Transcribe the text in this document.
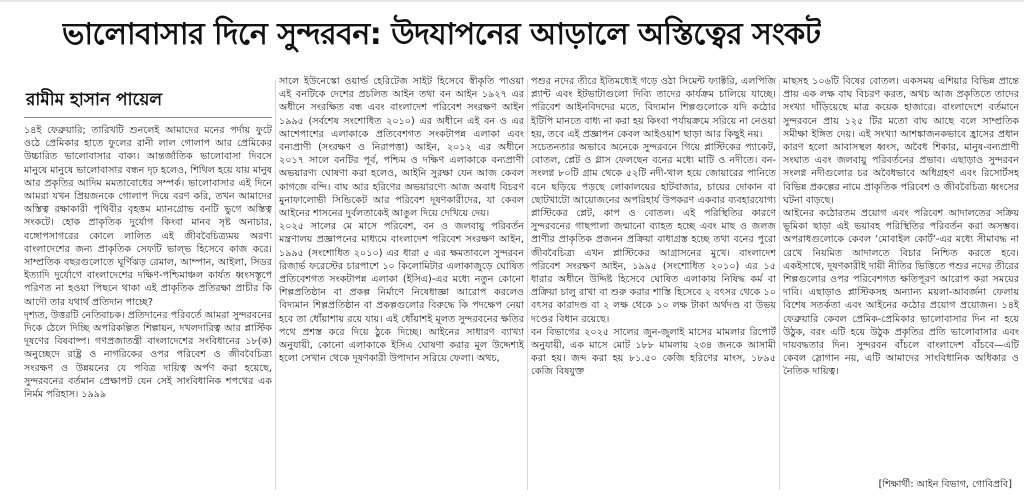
ভালোবাসার দিনে সুন্দরবন: উদযাপনের আড়ালে অস্তিত্বের সংকট
রামীম হাসান পায়েল

১৪ই ফেব্রুয়ারি; তারিখটি শুনলেই আমাদের মনের পর্দায় ফুটে ওঠে প্রেমিকার হাতে ফুলের রানী লাল গোলাপ আর প্রেমিকের উচ্চারিত ভালোবাসার বাক্য। আন্তর্জাতিক ভালোবাসা দিবসে মানুষে মানুষে ভালোবাসার বন্ধন দৃঢ় হলেও, শিথিল হয়ে যায় মানুষ আর প্রকৃতির আদিম মমতাবোধের সম্পর্ক। ভালোবাসার এই দিনে আমরা যখন প্রিয়জনকে গোলাপ দিয়ে বরণ করি, তখন আমাদের অস্তিত্ব রক্ষাকারী পৃথিবীর বৃহত্তম ম্যানগ্রোভ বনটি ভুগে অস্তিত্ব সংকটে। হোক প্রাকৃতিক দুর্যোগ কিংবা মানব সৃষ্ট অনাচার, বঙ্গোপসাগরের কোলে লালিত এই জীববৈচিত্র্যময় অরণ্য বাংলাদেশের জন্য প্রাকৃতিক সেফটি ভাল্ভ হিসেবে কাজ করে। সাম্প্রতিক বছরগুলোতে ঘূর্ণিঝড় রেমাল, আম্পান, আইলা, সিডর ইত্যাদি দুর্যোগে বাংলাদেশের দক্ষিণ-পশ্চিমাঞ্চল কার্যত ধ্বংসস্তূপে পরিণত না হওয়া পিছনে থাকা এই প্রাকৃতিক প্রতিরক্ষা প্রাচীর কি আদৌ তার যথার্থ প্রতিদান পাচ্ছে?

দৃশ্যত, উত্তরটি নেতিবাচক। প্রতিদানের পরিবর্তে আমরা সুন্দরবনের দিকে ঠেলে দিচ্ছি অপরিকল্পিত শিল্পায়ন, দখলদারিত্ব আর প্লাস্টিক দূষণের বিষবাষ্প। গণপ্রজাতন্ত্রী বাংলাদেশের সংবিধানের ১৮(ক) অনুচ্ছেদে রাষ্ট্র ও নাগরিকের ওপর পরিবেশ ও জীববৈচিত্র্য সংরক্ষণ ও উন্নয়নের যে পবিত্র দায়িত্ব অর্পণ করা হয়েছে, সুন্দরবনের বর্তমান প্রেক্ষাপট যেন সেই সাংবিধানিক শপথের এক নির্মম পরিহাস। ১৯৯৯

সালে ইউনেস্কো ওয়ার্ল্ড হেরিটেজ সাইট হিসেবে স্বীকৃতি পাওয়া এই বনটিকে দেশের প্রচলিত আইন তথা বন আইন ১৯২৭ এর অধীনে সংরক্ষিত বন্ধ এবং বাংলাদেশ পরিবেশ সংরক্ষণ আইন ১৯৯৫ (সর্বশেষ সংশোধিত ২০১০) এর অধীনে এই বন ও এর আশেপাশের এলাকাকে প্রতিবেশগত সংকটাপন্ন এলাকা এবং বন্যপ্রাণী (সংরক্ষণ ও নিরাপত্তা) আইন, ২০১২ এর অধীনে ২০১৭ সালে বনটির পূর্ব, পশ্চিম ও দক্ষিণ এলাকাকে বন্যপ্রাণী অভয়ারণ্য ঘোষণা করা হলেও, আইনি সুরক্ষা যেন আজ কেবল কাগজে বন্দি। বাঘ আর হরিণের অভয়ারণ্যে আজ অবাধ বিচরণ মুনাফালোভী সিন্ডিকেট আর পরিবেশ দূষণকারীদের, যা কেবল আইনের শাসনের দুর্বলতাকেই আঙুল দিয়ে দেখিয়ে দেয়।

২০২৫ সালের মে মাসে পরিবেশ, বন ও জলবায়ু পরিবর্তন মন্ত্রণালয় প্রজ্ঞাপনের মাধ্যমে বাংলাদেশ পরিবেশ সংরক্ষণ আইন, ১৯৯৫ (সংশোধিত ২০১০) এর ধারা ৫ এর ক্ষমতাবলে সুন্দরবন রিজার্ভ ফরেস্টের চারপাশে ১০ কিলোমিটার এলাকাজুড়ে ঘোষিত প্রতিবেশগত সংকটাপন্ন এলাকা (ইসিএ)-এর মধ্যে নতুন কোনো শিল্পপ্রতিষ্ঠান বা প্রকল্প নির্মাণে নিষেধাজ্ঞা আরোপ করলেও বিদ্যমান শিল্পপ্রতিষ্ঠান বা প্রকল্পগুলোর বিরুদ্ধে কি পদক্ষেপ নেয়া হবে তা ধোঁয়াশায় রয়ে যায়। এই ধোঁয়াশই মূলত সুন্দরবনের ক্ষতির পথে প্রশস্ত করে দিয়ে ঠুকে দিচ্ছে। আইনের সাধারণ ব্যাখ্যা অনুযায়ী, কোনো এলাকাকে ইসিএ ঘোষণা করার মূল উদ্দেশ্যই হলো সেখান থেকে দূষণকারী উপাদান সরিয়ে ফেলা। অথচ,

পশুর নদের তীরে ইতিমধ্যেই গড়ে ওঠা সিমেন্ট ফ্যাক্টরি, এলপিজি প্ল্যান্ট এবং ইটভাটাগুলো দিব্যি তাদের কার্যক্রম চালিয়ে যাচ্ছে। পরিবেশ আইনবিদদের মতে, বিদ্যমান শিল্পগুলোকে যদি কঠোর ইটিপি মানতে বাধ্য না করা হয় কিংবা পর্যায়ক্রমে সরিয়ে না নেওয়া হয়, তবে এই প্রজ্ঞাপন কেবল আইওয়াশ ছাড়া আর কিছুই নয়।

সচেতনতার অভাবে অনেকে সুন্দরবনে গিয়ে প্লাস্টিকের প্যাকেট, বোতল, প্লেট ও গ্লাস ফেলছেন বনের মধ্যে মাটি ও নদীতে। বন-সংলগ্ন ৮০টি গ্রাম থেকে ৫২টি নদী-খাল হয়ে জোয়ারের পানিতে বনে ছড়িয়ে পড়ছে লোকালয়ের হাটবাজার, চায়ের দোকান বা ছোটখাটো আয়োজনের অপরিহার্য উপকরণ একবার ব্যবহারযোগ্য প্লাস্টিকের প্লেট, কাপ ও বোতল। এই পরিস্থিতির কারণে সুন্দরবনের গাছপালা জন্মানো ব্যাহত হচ্ছে এবং মাছ ও জলজ প্রাণীর প্রাকৃতিক প্রজনন প্রক্রিয়া বাধাগ্রস্ত হচ্ছে তথা বনের পুরো জীববৈচিত্র্য এখন প্লাস্টিকের আগ্রাসনের মুখে। বাংলাদেশ পরিবেশ সংরক্ষণ আইন, ১৯৯৫ (সংশোধিত ২০১০) এর ১৫ ধারার অধীনে উদ্দিষ্ট হিসেবে ঘোষিত এলাকায় নিষিদ্ধ কর্ম বা প্রক্রিয়া চালু রাখা বা শুরু করার শাস্তি হিসেবে ২ বৎসর থেকে ১০ বৎসর কারাদণ্ড বা ২ লক্ষ থেকে ১০ লক্ষ টাকা অর্থদণ্ড বা উভয় দণ্ডের বিধান রয়েছে।

বন বিভাগের ২০২৫ সালের জুন-জুলাই মাসের মামলার রিপোর্ট অনুযায়ী, এক মাসে মোট ১৮৮ মামলায় ২৩৪ জনকে আসামী করা হয়। জব্দ করা হয় ৮১.৫০ কেজি হরিণের মাংস, ১৮৯৫ কেজি বিষযুক্ত

মাছসহ ১০৬টি বিষের বোতল। একসময় এশিয়ার বিভিন্ন প্রান্তে প্রায় এক লক্ষ বাঘ বিচরণ করত, অথচ আজ প্রকৃতিতে তাদের সংখ্যা দাঁড়িয়েছে মাত্র কয়েক হাজারে। বাংলাদেশে বর্তমানে সুন্দরবনে প্রায় ১২৫ টির মতো বাঘ আছে বলে সাম্প্রতিক সমীক্ষা ইঙ্গিত দেয়। এই সংখ্যা আশঙ্কাজনকভাবে হ্রাসের প্রধান কারণ হলো আবাসস্থল ধ্বংস, অবৈধ শিকার, মানুষ-বন্যপ্রাণী সংঘাত এবং জলবায়ু পরিবর্তনের প্রভাব। এছাড়াও সুন্দরবন সংলগ্ন নদীগুলোর চর অবৈধভাবে অধিগ্রহণ এবং রিসোর্টসহ বিভিন্ন প্রকল্পের নামে প্রাকৃতিক পরিবেশ ও জীববৈচিত্র্য ধ্বংসের ঘটনা বাড়ছে।

আইনের কঠোরতম প্রয়োগ এবং পরিবেশ আদালতের সক্রিয় ভূমিকা ছাড়া এই ভয়াবহ পরিস্থিতির পরিবর্তন করা অসম্ভব। অপরাধগুলোকে কেবল ‘মোবাইল কোর্ট’-এর মধ্যে সীমাবদ্ধ না রেখে নিয়মিত আদালতে বিচার নিশ্চিত করতে হবে। একইসাথে, দূষণকারীই দায়ী নীতির ভিত্তিতে পশুর নদের তীরের শিল্পগুলোর ওপর পরিবেশগত ক্ষতিপূরণ আরোপ করা সময়ের দাবি। এছাড়াও প্লাস্টিকসহ অন্যান্য ময়লা-আবর্জনা ফেলায় বিশেষ সতর্কতা এবং আইনের কঠোর প্রয়োগ প্রয়োজন। ১৪ই ফেব্রুয়ারি কেবল প্রেমিক-প্রেমিকার ভালোবাসার দিন না হয়ে উঠুক, বরং এটি হয়ে উঠুক প্রকৃতির প্রতি ভালোবাসার এবং দায়বদ্ধতার দিন। সুন্দরবন বাঁচলে বাংলাদেশ বাঁচবে—এটি কেবল স্লোগান নয়, এটি আমাদের সাংবিধানিক অধিকার ও নৈতিক দায়িত্ব।

[শিক্ষার্থী: আইন বিভাগ, গোবিপ্রবি]
